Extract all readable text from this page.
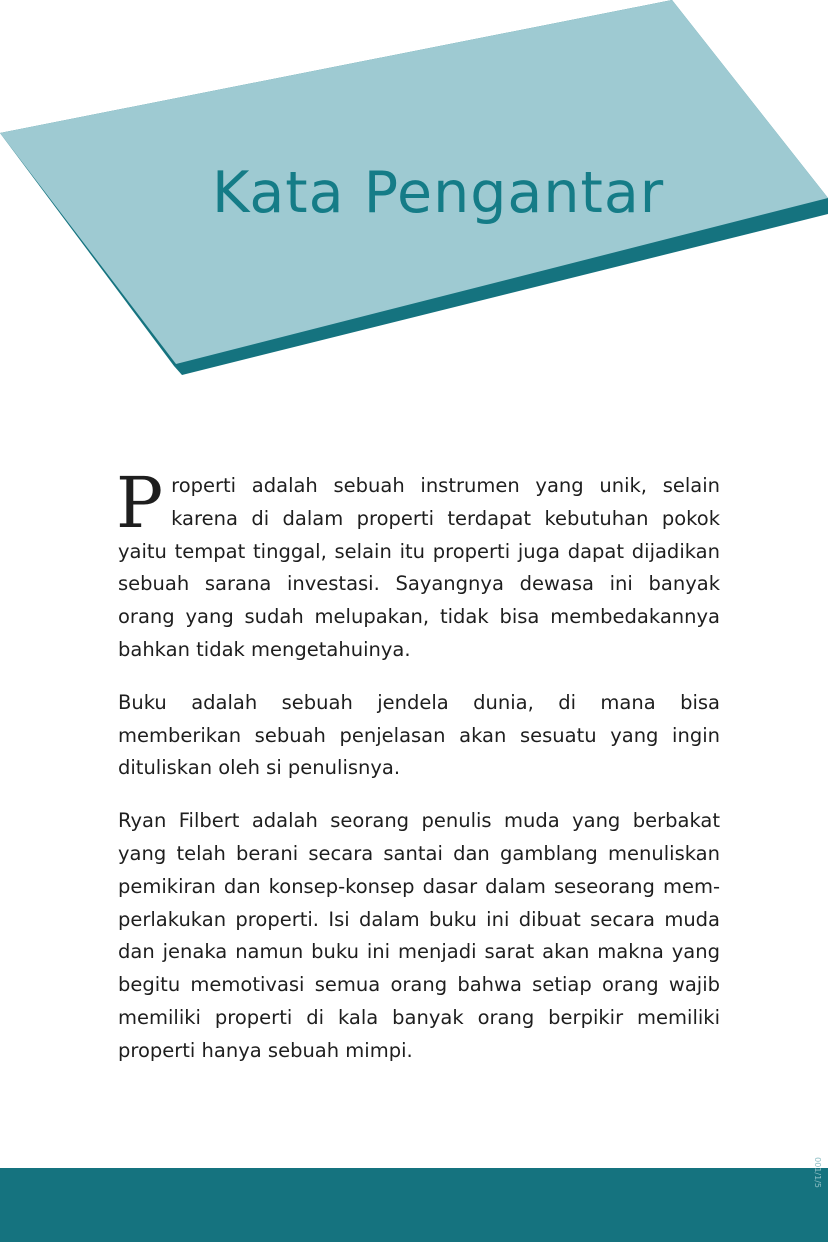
Kata Pengantar

Properti adalah sebuah instrumen yang unik, selain karena di dalam properti terdapat kebutuhan pokok yaitu tempat tinggal, selain itu properti juga dapat dijadikan sebuah sarana investasi. Sayangnya dewasa ini banyak orang yang sudah melupakan, tidak bisa membedakannya bahkan tidak mengetahuinya.

Buku adalah sebuah jendela dunia, di mana bisa memberikan sebuah penjelasan akan sesuatu yang ingin dituliskan oleh si penulisnya.

Ryan Filbert adalah seorang penulis muda yang berbakat yang telah berani secara santai dan gamblang menuliskan pemikiran dan konsep-konsep dasar dalam seseorang mem-perlakukan properti. Isi dalam buku ini dibuat secara muda dan jenaka namun buku ini menjadi sarat akan makna yang begitu memotivasi semua orang bahwa setiap orang wajib memiliki properti di kala banyak orang berpikir memiliki properti hanya sebuah mimpi.

001/1/5
